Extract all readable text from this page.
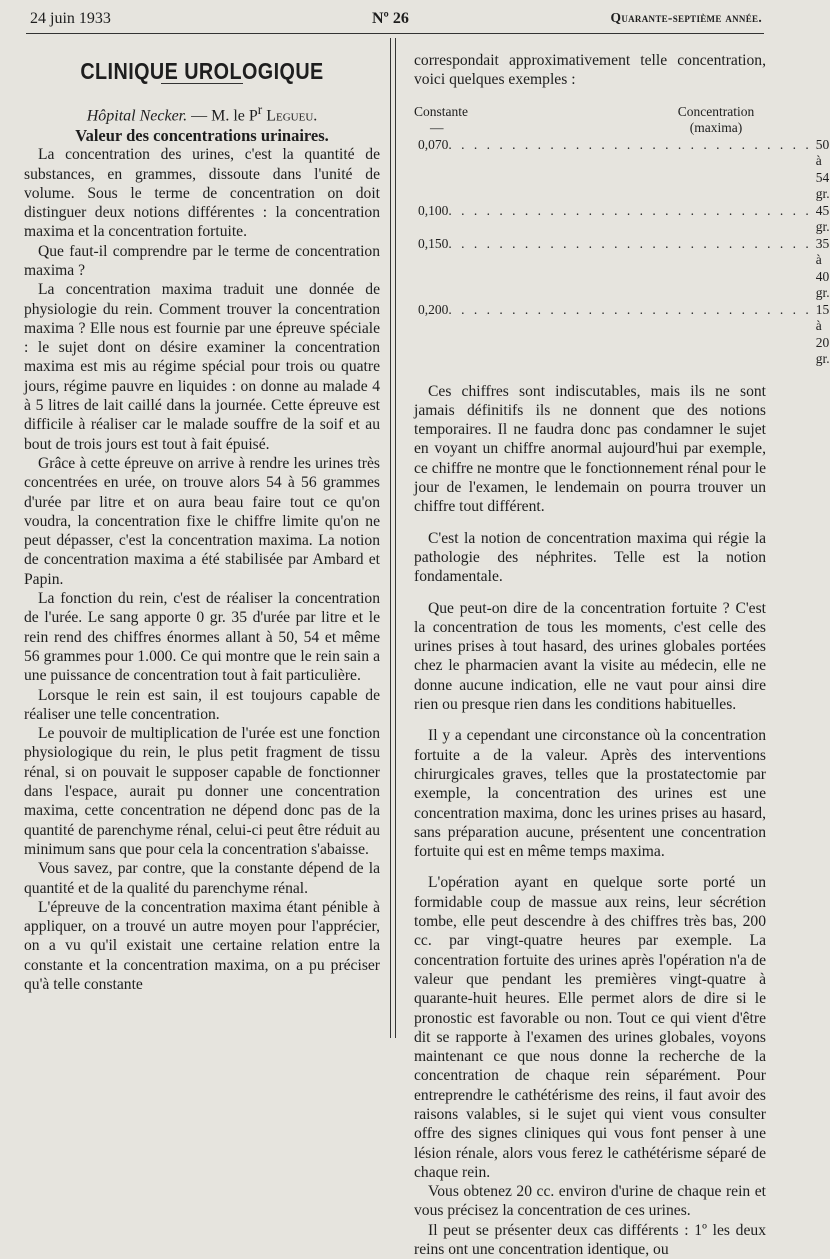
24 juin 1933	Nº 26	Quarante-septième année.
CLINIQUE UROLOGIQUE

Hôpital Necker. — M. le $P^r$ Legueu.

Valeur des concentrations urinaires.

La concentration des urines, c'est la quantité de substances, en grammes, dissoute dans l'unité de volume. Sous le terme de concentration on doit distinguer deux notions différentes : la concentration maxima et la concentration fortuite.

Que faut-il comprendre par le terme de concentration maxima ?

La concentration maxima traduit une donnée de physiologie du rein. Comment trouver la concentration maxima ? Elle nous est fournie par une épreuve spéciale : le sujet dont on désire examiner la concentration maxima est mis au régime spécial pour trois ou quatre jours, régime pauvre en liquides : on donne au malade 4 à 5 litres de lait caillé dans la journée. Cette épreuve est difficile à réaliser car le malade souffre de la soif et au bout de trois jours est tout à fait épuisé.

Grâce à cette épreuve on arrive à rendre les urines très concentrées en urée, on trouve alors 54 à 56 grammes d'urée par litre et on aura beau faire tout ce qu'on voudra, la concentration fixe le chiffre limite qu'on ne peut dépasser, c'est la concentration maxima. La notion de concentration maxima a été stabilisée par Ambard et Papin.

La fonction du rein, c'est de réaliser la concentration de l'urée. Le sang apporte 0 gr. 35 d'urée par litre et le rein rend des chiffres énormes allant à 50, 54 et même 56 grammes pour 1.000. Ce qui montre que le rein sain a une puissance de concentration tout à fait particulière.

Lorsque le rein est sain, il est toujours capable de réaliser une telle concentration.

Le pouvoir de multiplication de l'urée est une fonction physiologique du rein, le plus petit fragment de tissu rénal, si on pouvait le supposer capable de fonctionner dans l'espace, aurait pu donner une concentration maxima, cette concentration ne dépend donc pas de la quantité de parenchyme rénal, celui-ci peut être réduit au minimum sans que pour cela la concentration s'abaisse.

Vous savez, par contre, que la constante dépend de la quantité et de la qualité du parenchyme rénal.

L'épreuve de la concentration maxima étant pénible à appliquer, on a trouvé un autre moyen pour l'apprécier, on a vu qu'il existait une certaine relation entre la constante et la concentration maxima, on a pu préciser qu'à telle constante

correspondait approximativement telle concentration, voici quelques exemples :

Constante	Concentration
—	(maxima)
0,070 . . . . . . . . . . . . . . . . . . . . . . . . . . . . . 50 à 54 gr.
0,100 . . . . . . . . . . . . . . . . . . . . . . . . . . . . . 45 gr.
0,150 . . . . . . . . . . . . . . . . . . . . . . . . . . . . . 35 à 40 gr.
0,200 . . . . . . . . . . . . . . . . . . . . . . . . . . . . . 15 à 20 gr.

Ces chiffres sont indiscutables, mais ils ne sont jamais définitifs ils ne donnent que des notions temporaires. Il ne faudra donc pas condamner le sujet en voyant un chiffre anormal aujourd'hui par exemple, ce chiffre ne montre que le fonctionnement rénal pour le jour de l'examen, le lendemain on pourra trouver un chiffre tout différent.

C'est la notion de concentration maxima qui régie la pathologie des néphrites. Telle est la notion fondamentale.

Que peut-on dire de la concentration fortuite ? C'est la concentration de tous les moments, c'est celle des urines prises à tout hasard, des urines globales portées chez le pharmacien avant la visite au médecin, elle ne donne aucune indication, elle ne vaut pour ainsi dire rien ou presque rien dans les conditions habituelles.

Il y a cependant une circonstance où la concentration fortuite a de la valeur. Après des interventions chirurgicales graves, telles que la prostatectomie par exemple, la concentration des urines est une concentration maxima, donc les urines prises au hasard, sans préparation aucune, présentent une concentration fortuite qui est en même temps maxima.

L'opération ayant en quelque sorte porté un formidable coup de massue aux reins, leur sécrétion tombe, elle peut descendre à des chiffres très bas, 200 cc. par vingt-quatre heures par exemple. La concentration fortuite des urines après l'opération n'a de valeur que pendant les premières vingt-quatre à quarante-huit heures. Elle permet alors de dire si le pronostic est favorable ou non. Tout ce qui vient d'être dit se rapporte à l'examen des urines globales, voyons maintenant ce que nous donne la recherche de la concentration de chaque rein séparément. Pour entreprendre le cathétérisme des reins, il faut avoir des raisons valables, si le sujet qui vient vous consulter offre des signes cliniques qui vous font penser à une lésion rénale, alors vous ferez le cathétérisme séparé de chaque rein.

Vous obtenez 20 cc. environ d'urine de chaque rein et vous précisez la concentration de ces urines.

Il peut se présenter deux cas différents : 1º les deux reins ont une concentration identique, ou
